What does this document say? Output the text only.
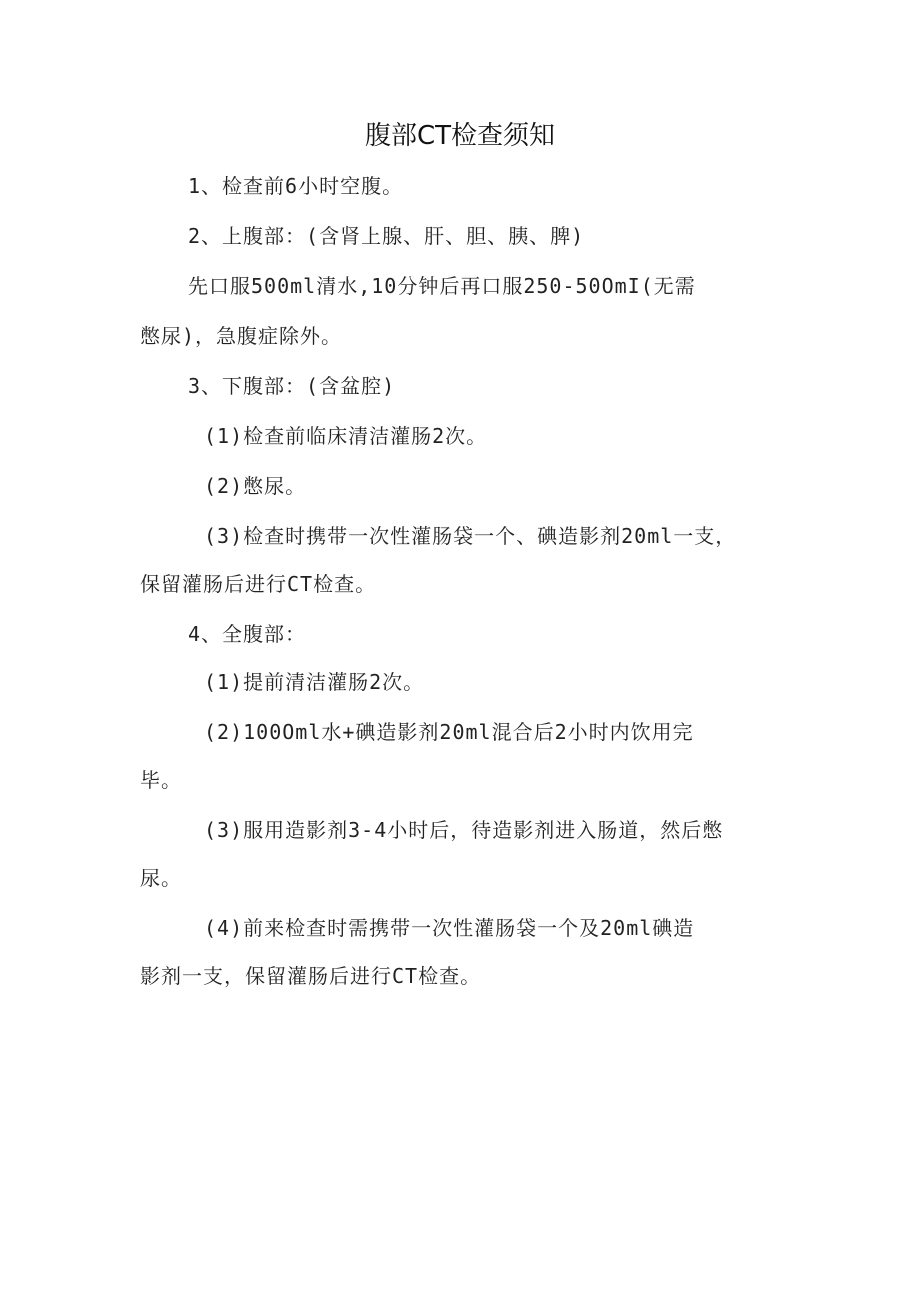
腹部CT检查须知
1、检查前6小时空腹。
2、上腹部：(含肾上腺、肝、胆、胰、脾)
先口服500ml清水,10分钟后再口服250-50OmI(无需
憋尿)，急腹症除外。
3、下腹部：(含盆腔)
(1)检查前临床清洁灌肠2次。
(2)憋尿。
(3)检查时携带一次性灌肠袋一个、碘造影剂20ml一支，
保留灌肠后进行CT检查。
4、全腹部：
(1)提前清洁灌肠2次。
(2)100Oml水+碘造影剂20ml混合后2小时内饮用完
毕。
(3)服用造影剂3-4小时后，待造影剂进入肠道，然后憋
尿。
(4)前来检查时需携带一次性灌肠袋一个及20ml碘造
影剂一支，保留灌肠后进行CT检查。
